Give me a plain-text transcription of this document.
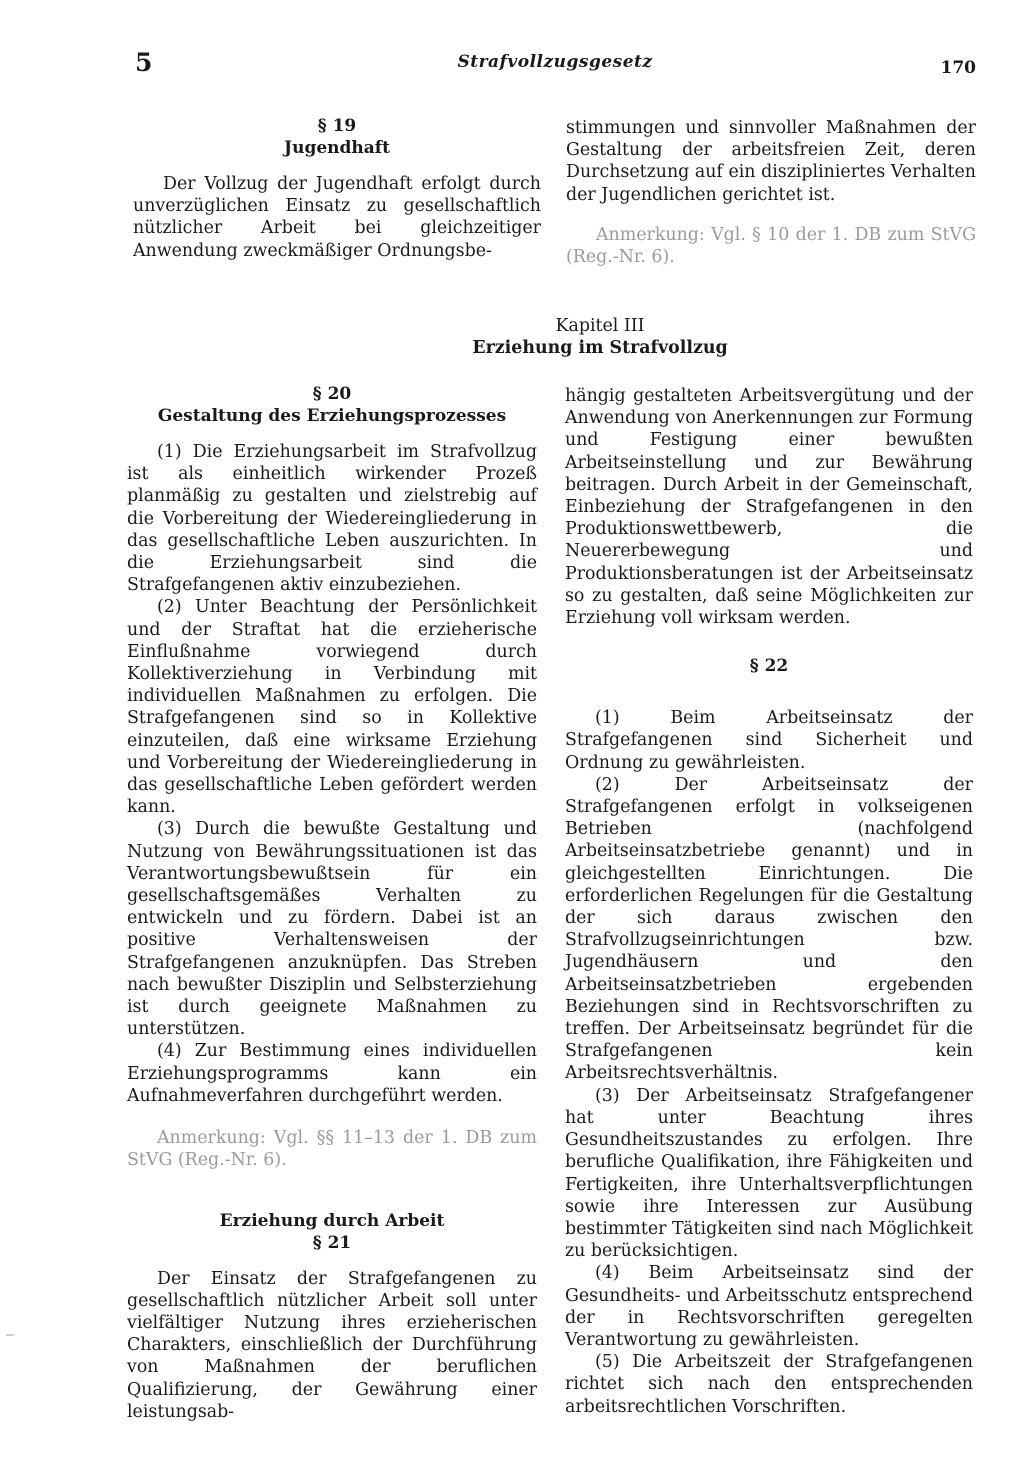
5	Strafvollzugsgesetz	170
§ 19
Jugendhaft

Der Vollzug der Jugendhaft erfolgt durch unverzüglichen Einsatz zu gesellschaftlich nützlicher Arbeit bei gleichzeitiger Anwendung zweckmäßiger Ordnungsbe-

stimmungen und sinnvoller Maßnahmen der Gestaltung der arbeitsfreien Zeit, deren Durchsetzung auf ein diszipliniertes Verhalten der Jugendlichen gerichtet ist.

Anmerkung: Vgl. § 10 der 1. DB zum StVG (Reg.-Nr. 6).

Kapitel III
Erziehung im Strafvollzug
§ 20
Gestaltung des Erziehungsprozesses

(1) Die Erziehungsarbeit im Strafvollzug ist als einheitlich wirkender Prozeß planmäßig zu gestalten und zielstrebig auf die Vorbereitung der Wiedereingliederung in das gesellschaftliche Leben auszurichten. In die Erziehungsarbeit sind die Strafgefangenen aktiv einzubeziehen.

(2) Unter Beachtung der Persönlichkeit und der Straftat hat die erzieherische Einflußnahme vorwiegend durch Kollektiverziehung in Verbindung mit individuellen Maßnahmen zu erfolgen. Die Strafgefangenen sind so in Kollektive einzuteilen, daß eine wirksame Erziehung und Vorbereitung der Wiedereingliederung in das gesellschaftliche Leben gefördert werden kann.

(3) Durch die bewußte Gestaltung und Nutzung von Bewährungssituationen ist das Verantwortungsbewußtsein für ein gesellschaftsgemäßes Verhalten zu entwickeln und zu fördern. Dabei ist an positive Verhaltensweisen der Strafgefangenen anzuknüpfen. Das Streben nach bewußter Disziplin und Selbsterziehung ist durch geeignete Maßnahmen zu unterstützen.

(4) Zur Bestimmung eines individuellen Erziehungsprogramms kann ein Aufnahmeverfahren durchgeführt werden.

Anmerkung: Vgl. §§ 11–13 der 1. DB zum StVG (Reg.-Nr. 6).

Erziehung durch Arbeit
§ 21

Der Einsatz der Strafgefangenen zu gesellschaftlich nützlicher Arbeit soll unter vielfältiger Nutzung ihres erzieherischen Charakters, einschließlich der Durchführung von Maßnahmen der beruflichen Qualifizierung, der Gewährung einer leistungsab-

hängig gestalteten Arbeitsvergütung und der Anwendung von Anerkennungen zur Formung und Festigung einer bewußten Arbeitseinstellung und zur Bewährung beitragen. Durch Arbeit in der Gemeinschaft, Einbeziehung der Strafgefangenen in den Produktionswettbewerb, die Neuererbewegung und Produktionsberatungen ist der Arbeitseinsatz so zu gestalten, daß seine Möglichkeiten zur Erziehung voll wirksam werden.

§ 22

(1) Beim Arbeitseinsatz der Strafgefangenen sind Sicherheit und Ordnung zu gewährleisten.

(2) Der Arbeitseinsatz der Strafgefangenen erfolgt in volkseigenen Betrieben (nachfolgend Arbeitseinsatzbetriebe genannt) und in gleichgestellten Einrichtungen. Die erforderlichen Regelungen für die Gestaltung der sich daraus zwischen den Strafvollzugseinrichtungen bzw. Jugendhäusern und den Arbeitseinsatzbetrieben ergebenden Beziehungen sind in Rechtsvorschriften zu treffen. Der Arbeitseinsatz begründet für die Strafgefangenen kein Arbeitsrechtsverhältnis.

(3) Der Arbeitseinsatz Strafgefangener hat unter Beachtung ihres Gesundheitszustandes zu erfolgen. Ihre berufliche Qualifikation, ihre Fähigkeiten und Fertigkeiten, ihre Unterhaltsverpflichtungen sowie ihre Interessen zur Ausübung bestimmter Tätigkeiten sind nach Möglichkeit zu berücksichtigen.

(4) Beim Arbeitseinsatz sind der Gesundheits- und Arbeitsschutz entsprechend der in Rechtsvorschriften geregelten Verantwortung zu gewährleisten.

(5) Die Arbeitszeit der Strafgefangenen richtet sich nach den entsprechenden arbeitsrechtlichen Vorschriften.
